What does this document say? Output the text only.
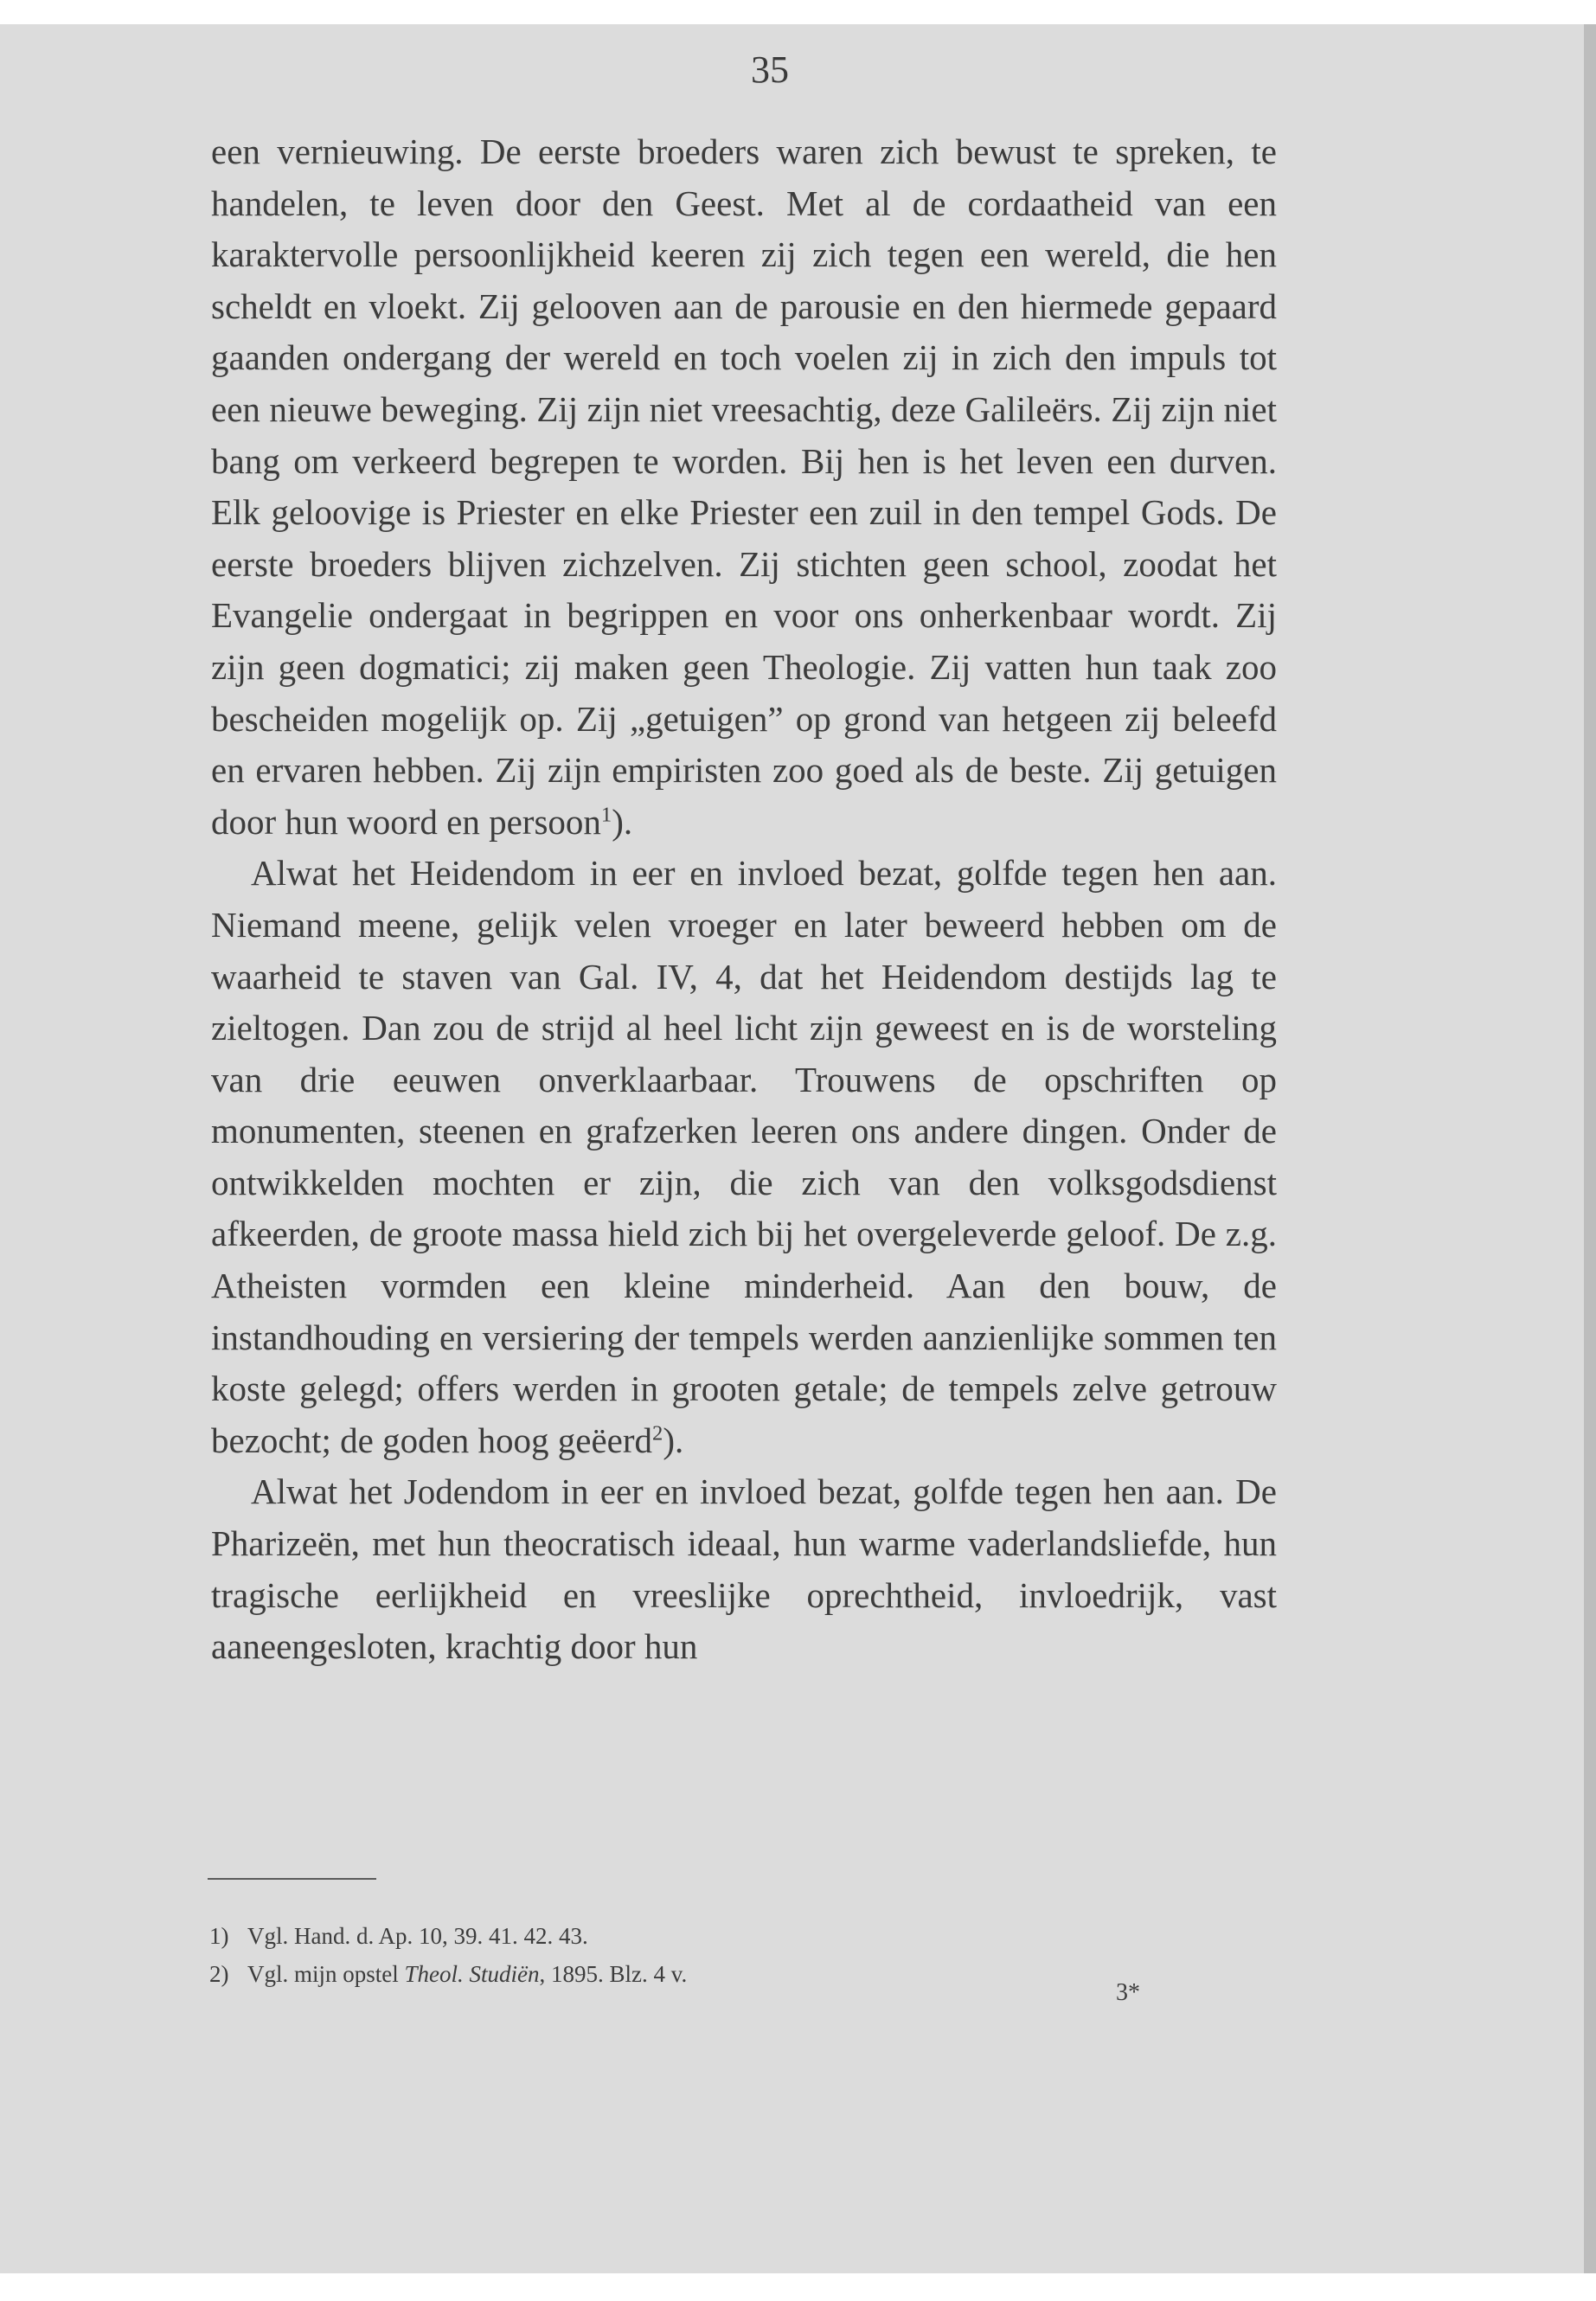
35

een vernieuwing. De eerste broeders waren zich bewust te spreken, te handelen, te leven door den Geest. Met al de cordaatheid van een karaktervolle persoonlijkheid keeren zij zich tegen een wereld, die hen scheldt en vloekt. Zij gelooven aan de parousie en den hiermede gepaard gaanden ondergang der wereld en toch voelen zij in zich den impuls tot een nieuwe beweging. Zij zijn niet vreesachtig, deze Galileërs. Zij zijn niet bang om verkeerd begrepen te worden. Bij hen is het leven een durven. Elk geloovige is Priester en elke Priester een zuil in den tempel Gods. De eerste broeders blijven zichzelven. Zij stichten geen school, zoodat het Evangelie ondergaat in begrippen en voor ons onherkenbaar wordt. Zij zijn geen dogmatici; zij maken geen Theologie. Zij vatten hun taak zoo bescheiden mogelijk op. Zij „getuigen” op grond van hetgeen zij beleefd en ervaren hebben. Zij zijn empiristen zoo goed als de beste. Zij getuigen door hun woord en persoon$^1$).

Alwat het Heidendom in eer en invloed bezat, golfde tegen hen aan. Niemand meene, gelijk velen vroeger en later beweerd hebben om de waarheid te staven van Gal. IV, 4, dat het Heidendom destijds lag te zieltogen. Dan zou de strijd al heel licht zijn geweest en is de worsteling van drie eeuwen onverklaarbaar. Trouwens de opschriften op monumenten, steenen en grafzerken leeren ons andere dingen. Onder de ontwikkelden mochten er zijn, die zich van den volksgodsdienst afkeerden, de groote massa hield zich bij het overgeleverde geloof. De z.g. Atheisten vormden een kleine minderheid. Aan den bouw, de instandhouding en versiering der tempels werden aanzienlijke sommen ten koste gelegd; offers werden in grooten getale; de tempels zelve getrouw bezocht; de goden hoog geëerd$^2$).

Alwat het Jodendom in eer en invloed bezat, golfde tegen hen aan. De Pharizeën, met hun theocratisch ideaal, hun warme vaderlandsliefde, hun tragische eerlijkheid en vreeslijke oprechtheid, invloedrijk, vast aaneengesloten, krachtig door hun

1) Vgl. Hand. d. Ap. 10, 39. 41. 42. 43.
2) Vgl. mijn opstel Theol. Studiën, 1895. Blz. 4 v.
3*
